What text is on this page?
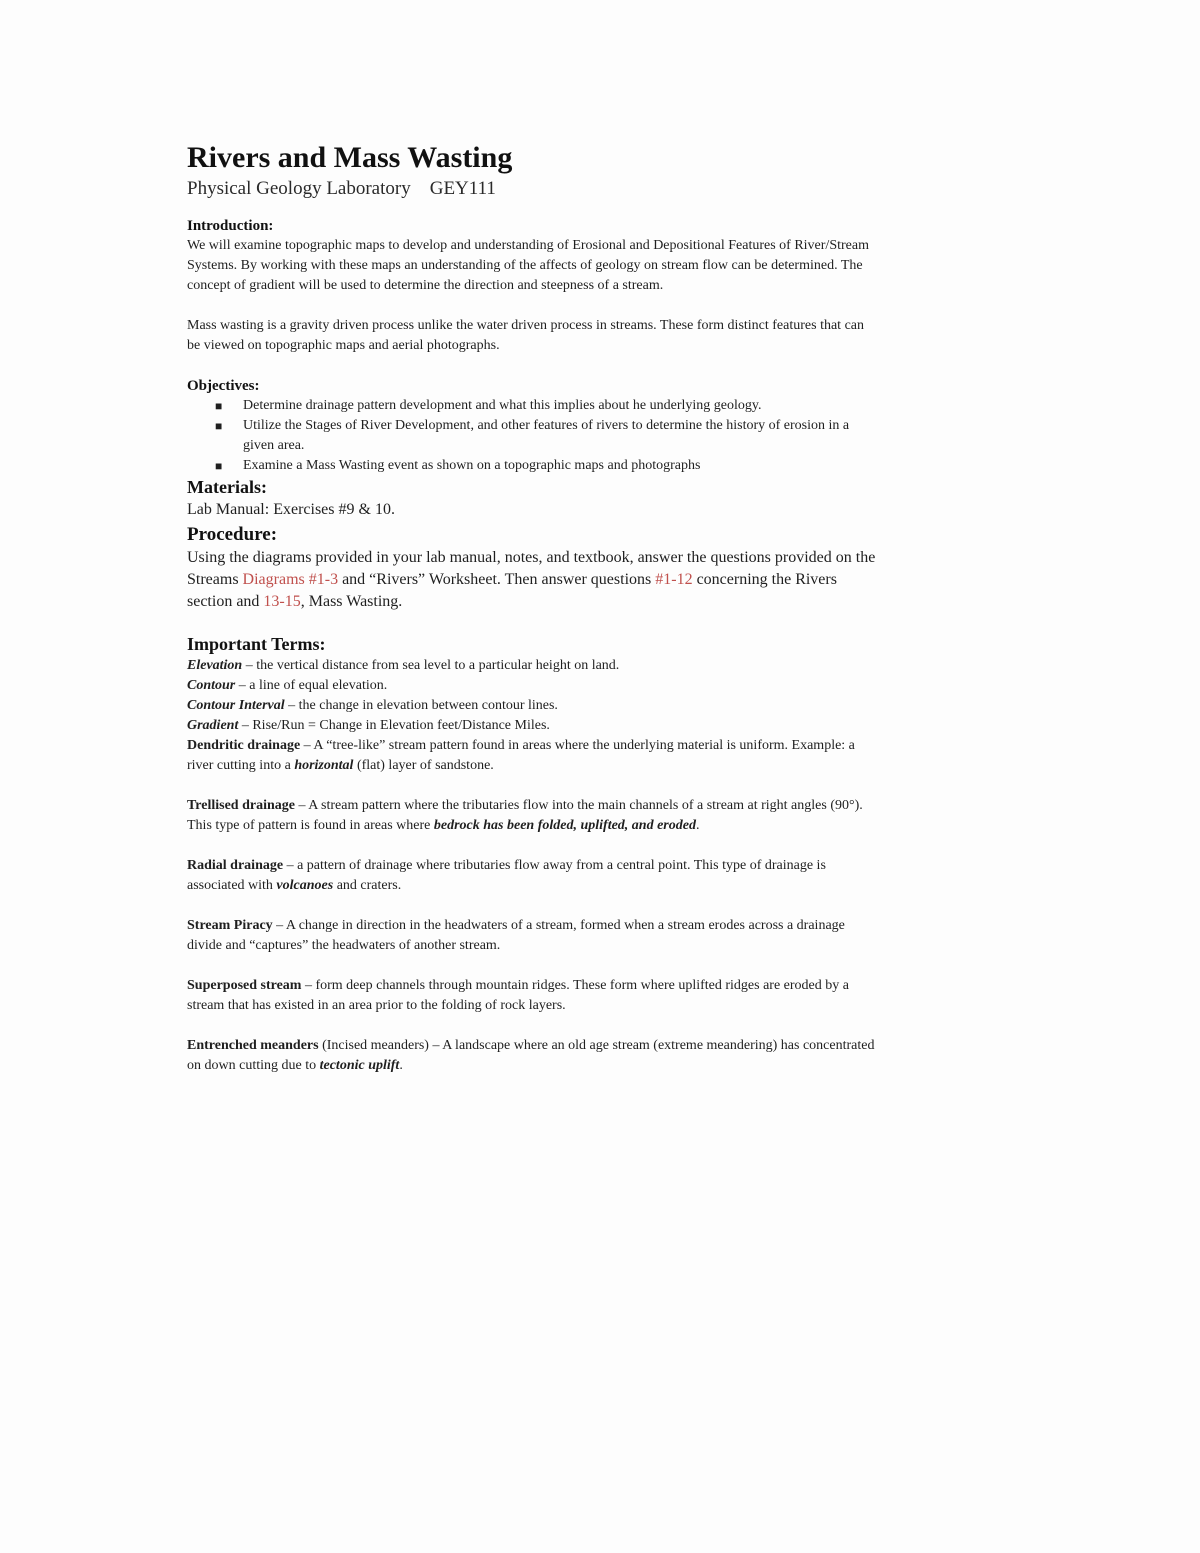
Rivers and Mass Wasting

Physical Geology Laboratory    GEY111

Introduction:

We will examine topographic maps to develop and understanding of Erosional and Depositional Features of River/Stream Systems. By working with these maps an understanding of the affects of geology on stream flow can be determined. The concept of gradient will be used to determine the direction and steepness of a stream.

Mass wasting is a gravity driven process unlike the water driven process in streams. These form distinct features that can be viewed on topographic maps and aerial photographs.

Objectives:
■ Determine drainage pattern development and what this implies about he underlying geology.
■ Utilize the Stages of River Development, and other features of rivers to determine the history of erosion in a given area.
■ Examine a Mass Wasting event as shown on a topographic maps and photographs
Materials:

Lab Manual: Exercises #9 & 10.

Procedure:

Using the diagrams provided in your lab manual, notes, and textbook, answer the questions provided on the Streams Diagrams #1-3 and “Rivers” Worksheet. Then answer questions #1-12 concerning the Rivers section and 13-15, Mass Wasting.

Important Terms:

Elevation – the vertical distance from sea level to a particular height on land.

Contour – a line of equal elevation.

Contour Interval – the change in elevation between contour lines.

Gradient – Rise/Run = Change in Elevation feet/Distance Miles.

Dendritic drainage – A “tree-like” stream pattern found in areas where the underlying material is uniform. Example: a river cutting into a horizontal (flat) layer of sandstone.

Trellised drainage – A stream pattern where the tributaries flow into the main channels of a stream at right angles (90°). This type of pattern is found in areas where bedrock has been folded, uplifted, and eroded.

Radial drainage – a pattern of drainage where tributaries flow away from a central point. This type of drainage is associated with volcanoes and craters.

Stream Piracy – A change in direction in the headwaters of a stream, formed when a stream erodes across a drainage divide and “captures” the headwaters of another stream.

Superposed stream – form deep channels through mountain ridges. These form where uplifted ridges are eroded by a stream that has existed in an area prior to the folding of rock layers.

Entrenched meanders (Incised meanders) – A landscape where an old age stream (extreme meandering) has concentrated on down cutting due to tectonic uplift.
